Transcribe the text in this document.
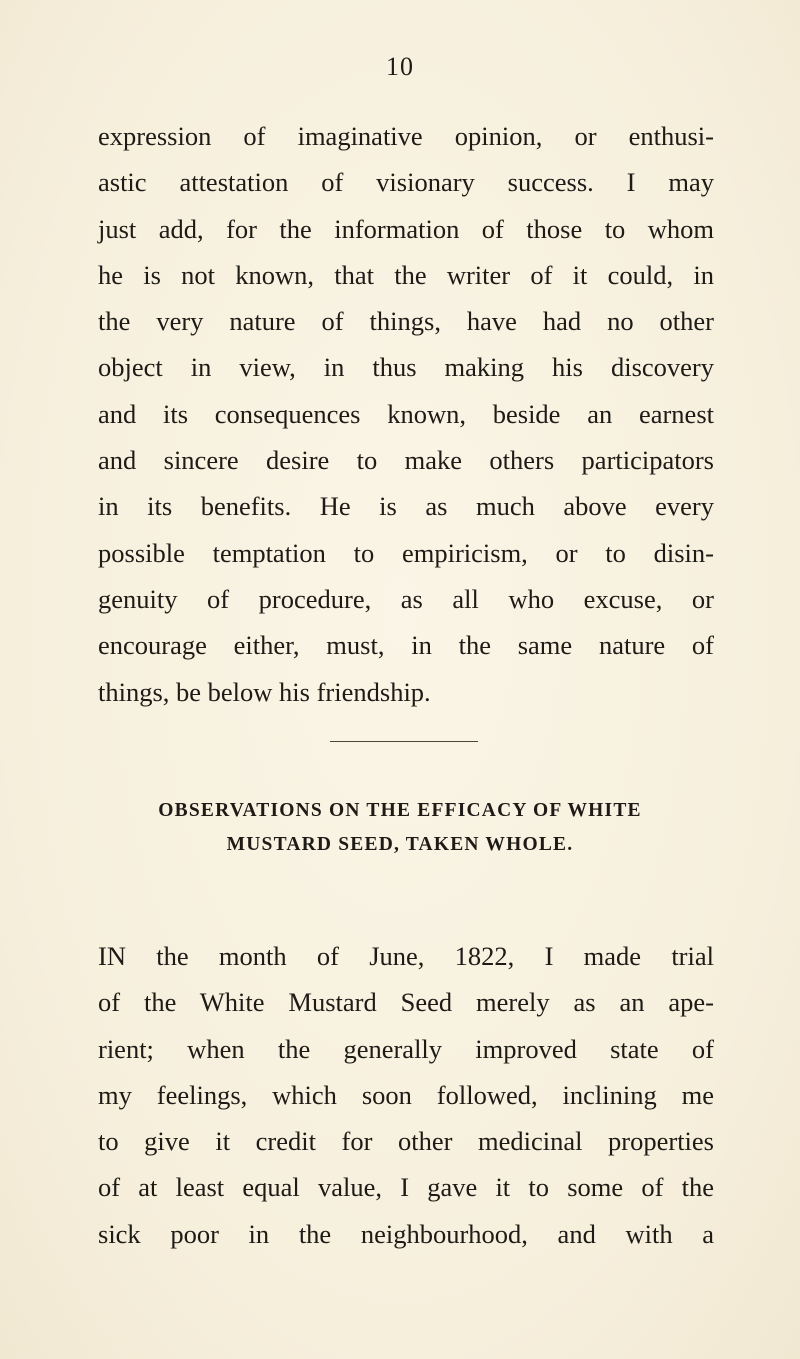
10
expression of imaginative opinion, or enthusi-
astic attestation of visionary success. I may
just add, for the information of those to whom
he is not known, that the writer of it could, in
the very nature of things, have had no other
object in view, in thus making his discovery
and its consequences known, beside an earnest
and sincere desire to make others participators
in its benefits. He is as much above every
possible temptation to empiricism, or to disin-
genuity of procedure, as all who excuse, or
encourage either, must, in the same nature of
things, be below his friendship.
OBSERVATIONS ON THE EFFICACY OF WHITE
MUSTARD SEED, TAKEN WHOLE.
IN the month of June, 1822, I made trial
of the White Mustard Seed merely as an ape-
rient; when the generally improved state of
my feelings, which soon followed, inclining me
to give it credit for other medicinal properties
of at least equal value, I gave it to some of the
sick poor in the neighbourhood, and with a
